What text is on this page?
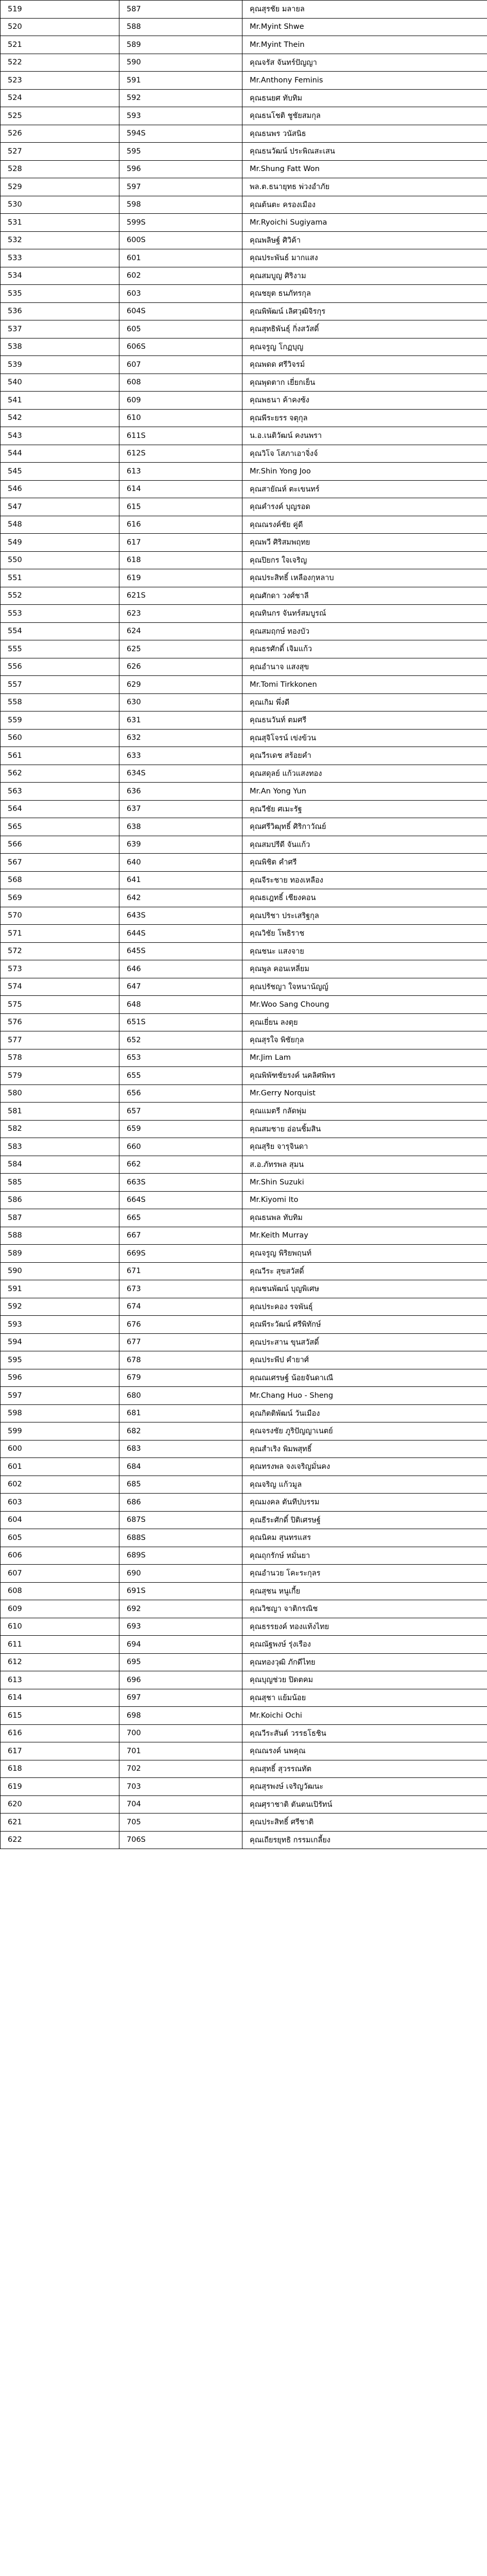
519	587	คุณสุรชัย มลายล
520	588	Mr.Myint Shwe
521	589	Mr.Myint Thein
522	590	คุณจรัส จันทร์ปัญญา
523	591	Mr.Anthony Feminis
524	592	คุณธนยศ ทับทิม
525	593	คุณธนโชติ ชูชัยสมกุล
526	594S	คุณธนพร วนัสนิธ
527	595	คุณธนวัฒน์ ประพิณสะเสน
528	596	Mr.Shung Fatt Won
529	597	พล.ต.ธนายุทธ พ่วงอำภัย
530	598	คุณต้นตะ ครองเมือง
531	599S	Mr.Ryoichi Sugiyama
532	600S	คุณพลิษฐ์ ศิวิค้า
533	601	คุณประพันธ์ มากแสง
534	602	คุณสมบูญ ศิริงาม
535	603	คุณชยุต ธนภัทรกุล
536	604S	คุณพิพัฒน์ เลิศวุฒิจิรกุร
537	605	คุณสุทธิพันธุ์ กิ่งสวัสดิ์
538	606S	คุณจรูญ โกฏบุญ
539	607	คุณพดด ศรีวิจรม์
540	608	คุณพุดตาก เยี่ยกเย็น
541	609	คุณพธนา ค้าคงซ้ง
542	610	คุณพีระยรร จตุกุล
543	611S	น.อ.เนติวัฒน์ คงนพรา
544	612S	คุณวิโจ โสภาเอาจิ่งจ์
545	613	Mr.Shin Yong Joo
546	614	คุณสายัณห์ ตะเขนทร์
547	615	คุณคำรงค์ บุญรอด
548	616	คุณณรงค์ชัย คู่ดี
549	617	คุณพวี ศิริสมพฤทย
550	618	คุณปิยกร ใจเจริญ
551	619	คุณประสิทธิ์ เหลืองกุหลาบ
552	621S	คุณศักดา วงศ์ชาลี
553	623	คุณทินกร จันทร์สมบูรณ์
554	624	คุณสมฤกษ์ ทองบัว
555	625	คุณธรศักดิ์ เจิมแก้ว
556	626	คุณอำนาจ แสงสุข
557	629	Mr.Tomi Tirkkonen
558	630	คุณเกิม พึ่งดี
559	631	คุณธนวันท์ ตมศรี
560	632	คุณสุจิโจรน์ เข่งข้วน
561	633	คุณวีรเดช สร้อยคำ
562	634S	คุณสดุลย์ แก้วแสงทอง
563	636	Mr.An Yong Yun
564	637	คุณวีชัย ศเมะรัฐ
565	638	คุณศรีวิฒุทธิ์ ศิริกาวัณย์
566	639	คุณสมปรีดี จันแก้ว
567	640	คุณพิชิต คำศรี
568	641	คุณจีระชาย ทองเหลือง
569	642	คุณธเฎทธิ์ เชียงคอน
570	643S	คุณปริชา ประเสริฐกุล
571	644S	คุณวิชัย โพธิราช
572	645S	คุณชนะ แสงจาย
573	646	คุณพูล คอนเหลี่ยม
574	647	คุณปรัชญา ใจหนาน้ญญ์
575	648	Mr.Woo Sang Choung
576	651S	คุณเยี่ยน ลงตุย
577	652	คุณสุรใจ พิชัยกุล
578	653	Mr.Jim Lam
579	655	คุณพิพัฑชัยรงค์ นคลิศพิพร
580	656	Mr.Gerry Norquist
581	657	คุณแมตรี กลัดพุ่ม
582	659	คุณสมชาย อ่อนชิ้มสิน
583	660	คุณสุริย จารุจินดา
584	662	ส.อ.ภัทรพล สุมน
585	663S	Mr.Shin Suzuki
586	664S	Mr.Kiyomi Ito
587	665	คุณธนพล ทับทิม
588	667	Mr.Keith Murray
589	669S	คุณจรูญ พิริยพฤนท์
590	671	คุณวีระ สุขสวัสดิ์
591	673	คุณชนพัฒน์ บุญพิเศษ
592	674	คุณประคอง รจพันธุ์
593	676	คุณพีระวัฒน์ ศรีพิทักษ์
594	677	คุณประสาน ขุนสวัสดิ์
595	678	คุณประพีป คำยาศ์
596	679	คุณณเศรษฐ์ น้อยจันดาเณี
597	680	Mr.Chang Huo - Sheng
598	681	คุณกิตติพัฒน์ วันเมือง
599	682	คุณจรงชัย ภูริปัญญาเนตย์
600	683	คุณสำเริง พิมพสุทธิ์
601	684	คุณทรงพล จงเจริญมั่นคง
602	685	คุณจริญ แก้วมูล
603	686	คุณมงคล ตันทีปบรรม
604	687S	คุณธีระศักดิ์ ปิติเศรษฐ์
605	688S	คุณนิคม สุนทรแสร
606	689S	คุณถุกรักษ์ หมั่นยา
607	690	คุณอำนวย โคะระกุลร
608	691S	คุณสุชน หนูเกี้ย
609	692	คุณวิชญา จาติกรณิช
610	693	คุณธรรยงค์ ทองแท้งไทย
611	694	คุณณัฐพงษ์ รุ่งเรือง
612	695	คุณทองวุฒิ ภักดีไทย
613	696	คุณบุญช่วย ปิดตคม
614	697	คุณสุชา แย้มน้อย
615	698	Mr.Koichi Ochi
616	700	คุณวีระสันต์ วรรธโธชิน
617	701	คุณณรงค์ นพคุณ
618	702	คุณสุทธิ์ สุวรรณทัต
619	703	คุณสุรพงษ์ เจริญวัฒนะ
620	704	คุณศุราชาติ ตันตนเปิรัทน์
621	705	คุณประสิทธิ์ ศรีชาติ
622	706S	คุณเถียรยุทธิ กรรมเกลี้ยง
